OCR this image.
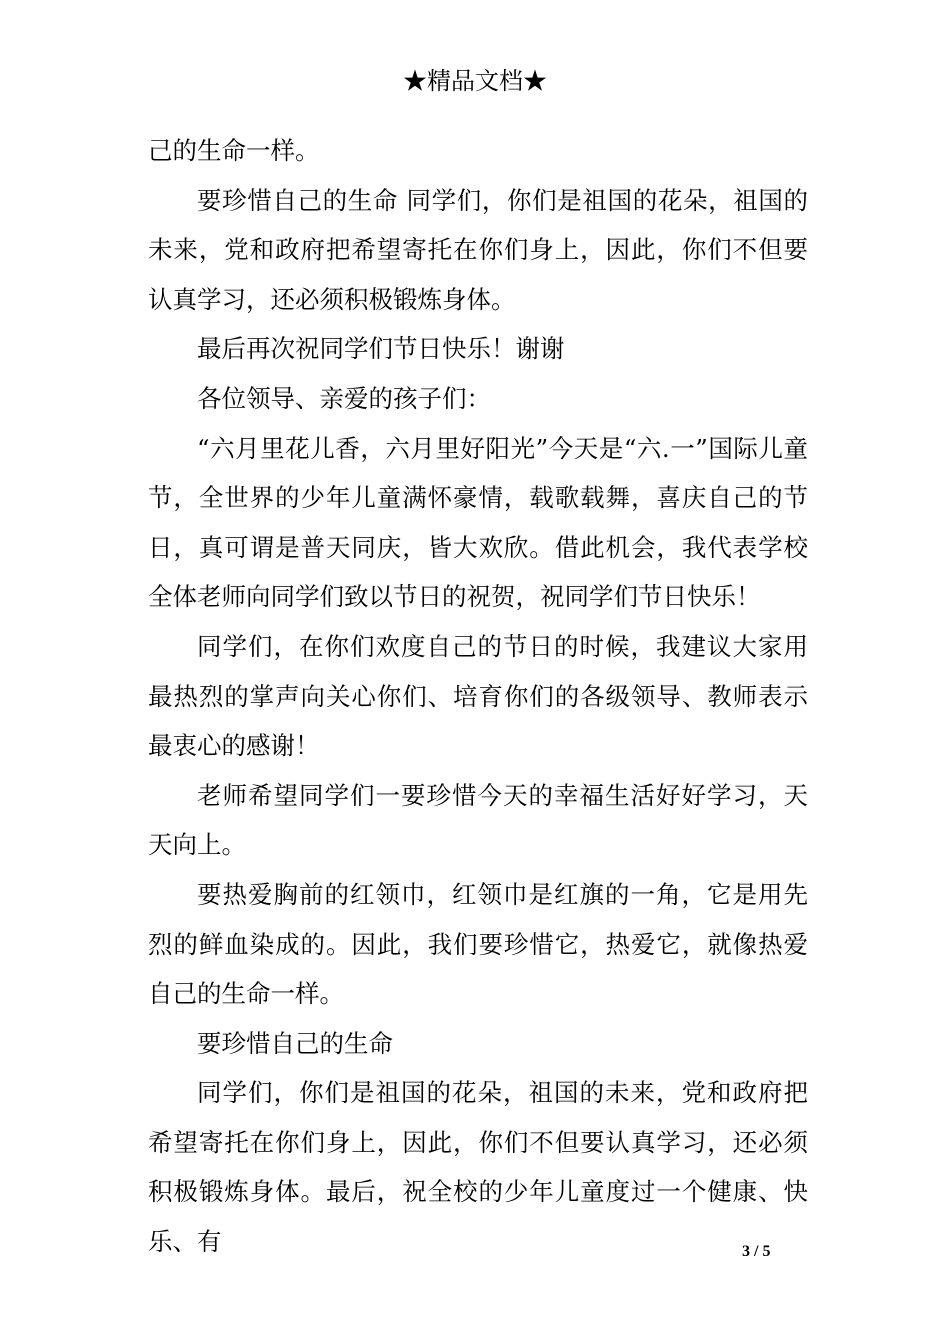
★精品文档★

己的生命一样。

要珍惜自己的生命 同学们，你们是祖国的花朵，祖国的未来，党和政府把希望寄托在你们身上，因此，你们不但要认真学习，还必须积极锻炼身体。

最后再次祝同学们节日快乐！谢谢

各位领导、亲爱的孩子们：

“六月里花儿香，六月里好阳光”今天是“六.一”国际儿童节，全世界的少年儿童满怀豪情，载歌载舞，喜庆自己的节日，真可谓是普天同庆，皆大欢欣。借此机会，我代表学校全体老师向同学们致以节日的祝贺，祝同学们节日快乐！

同学们，在你们欢度自己的节日的时候，我建议大家用最热烈的掌声向关心你们、培育你们的各级领导、教师表示最衷心的感谢！

老师希望同学们一要珍惜今天的幸福生活好好学习，天天向上。

要热爱胸前的红领巾，红领巾是红旗的一角，它是用先烈的鲜血染成的。因此，我们要珍惜它，热爱它，就像热爱自己的生命一样。

要珍惜自己的生命

同学们，你们是祖国的花朵，祖国的未来，党和政府把希望寄托在你们身上，因此，你们不但要认真学习，还必须积极锻炼身体。最后，祝全校的少年儿童度过一个健康、快乐、有	3 / 5
